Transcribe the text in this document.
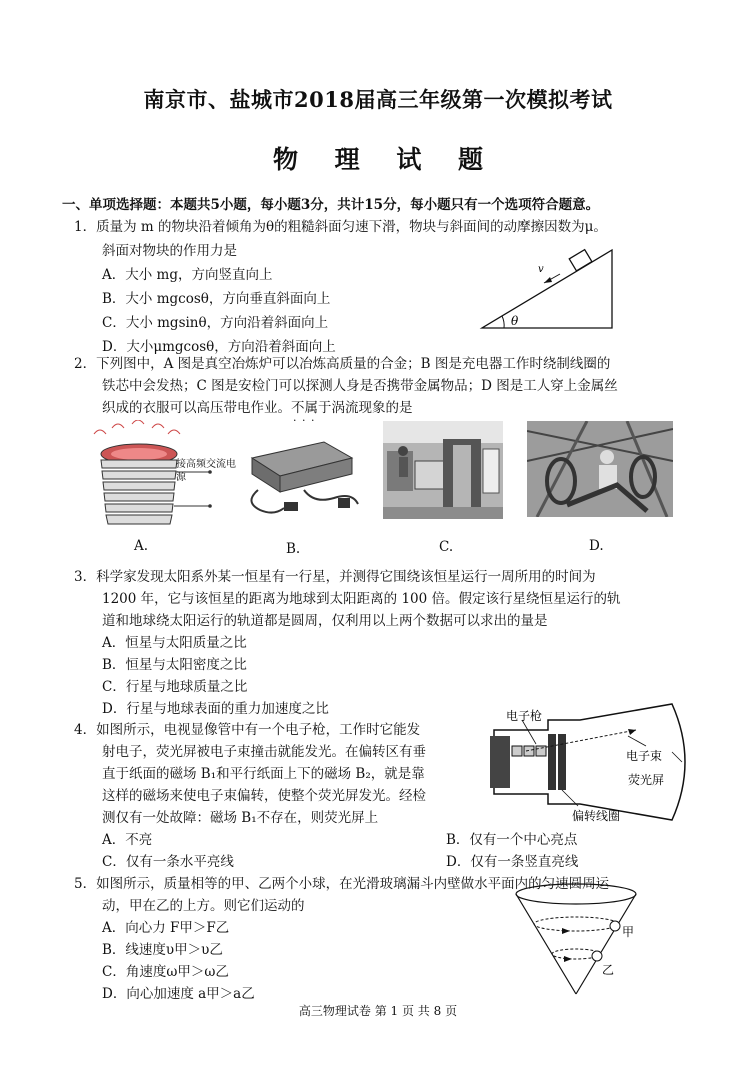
南京市、盐城市2018届高三年级第一次模拟考试
物 理 试 题
一、单项选择题：本题共5小题，每小题3分，共计15分，每小题只有一个选项符合题意。
1．质量为 m 的物块沿着倾角为θ的粗糙斜面匀速下滑，物块与斜面间的动摩擦因数为μ。
斜面对物块的作用力是
A．大小 mg，方向竖直向上
B．大小 mgcosθ，方向垂直斜面向上
C．大小 mgsinθ，方向沿着斜面向上
D．大小μmgcosθ，方向沿着斜面向上
v
θ
2．下列图中，A 图是真空冶炼炉可以冶炼高质量的合金；B 图是充电器工作时绕制线圈的
铁芯中会发热；C 图是安检门可以探测人身是否携带金属物品；D 图是工人穿上金属丝
织成的衣服可以高压带电作业。不属于 · · ·涡流现象的是
接高频交流电源
A.	B.	C.	D.
3．科学家发现太阳系外某一恒星有一行星，并测得它围绕该恒星运行一周所用的时间为
1200 年，它与该恒星的距离为地球到太阳距离的 100 倍。假定该行星绕恒星运行的轨
道和地球绕太阳运行的轨道都是圆周，仅利用以上两个数据可以求出的量是
A．恒星与太阳质量之比
B．恒星与太阳密度之比
C．行星与地球质量之比
D．行星与地球表面的重力加速度之比
4．如图所示，电视显像管中有一个电子枪，工作时它能发
射电子，荧光屏被电子束撞击就能发光。在偏转区有垂
直于纸面的磁场 B₁和平行纸面上下的磁场 B₂，就是靠
这样的磁场来使电子束偏转，使整个荧光屏发光。经检
测仅有一处故障：磁场 B₁不存在，则荧光屏上
A．不亮	B．仅有一个中心亮点
C．仅有一条水平亮线	D．仅有一条竖直亮线
电子枪
电子束
荧光屏
偏转线圈
5．如图所示，质量相等的甲、乙两个小球，在光滑玻璃漏斗内壁做水平面内的匀速圆周运
动，甲在乙的上方。则它们运动的
A．向心力 F甲＞F乙
B．线速度υ甲＞υ乙
C．角速度ω甲＞ω乙
D．向心加速度 a甲＞a乙
甲
乙
高三物理试卷 第 1 页 共 8 页
